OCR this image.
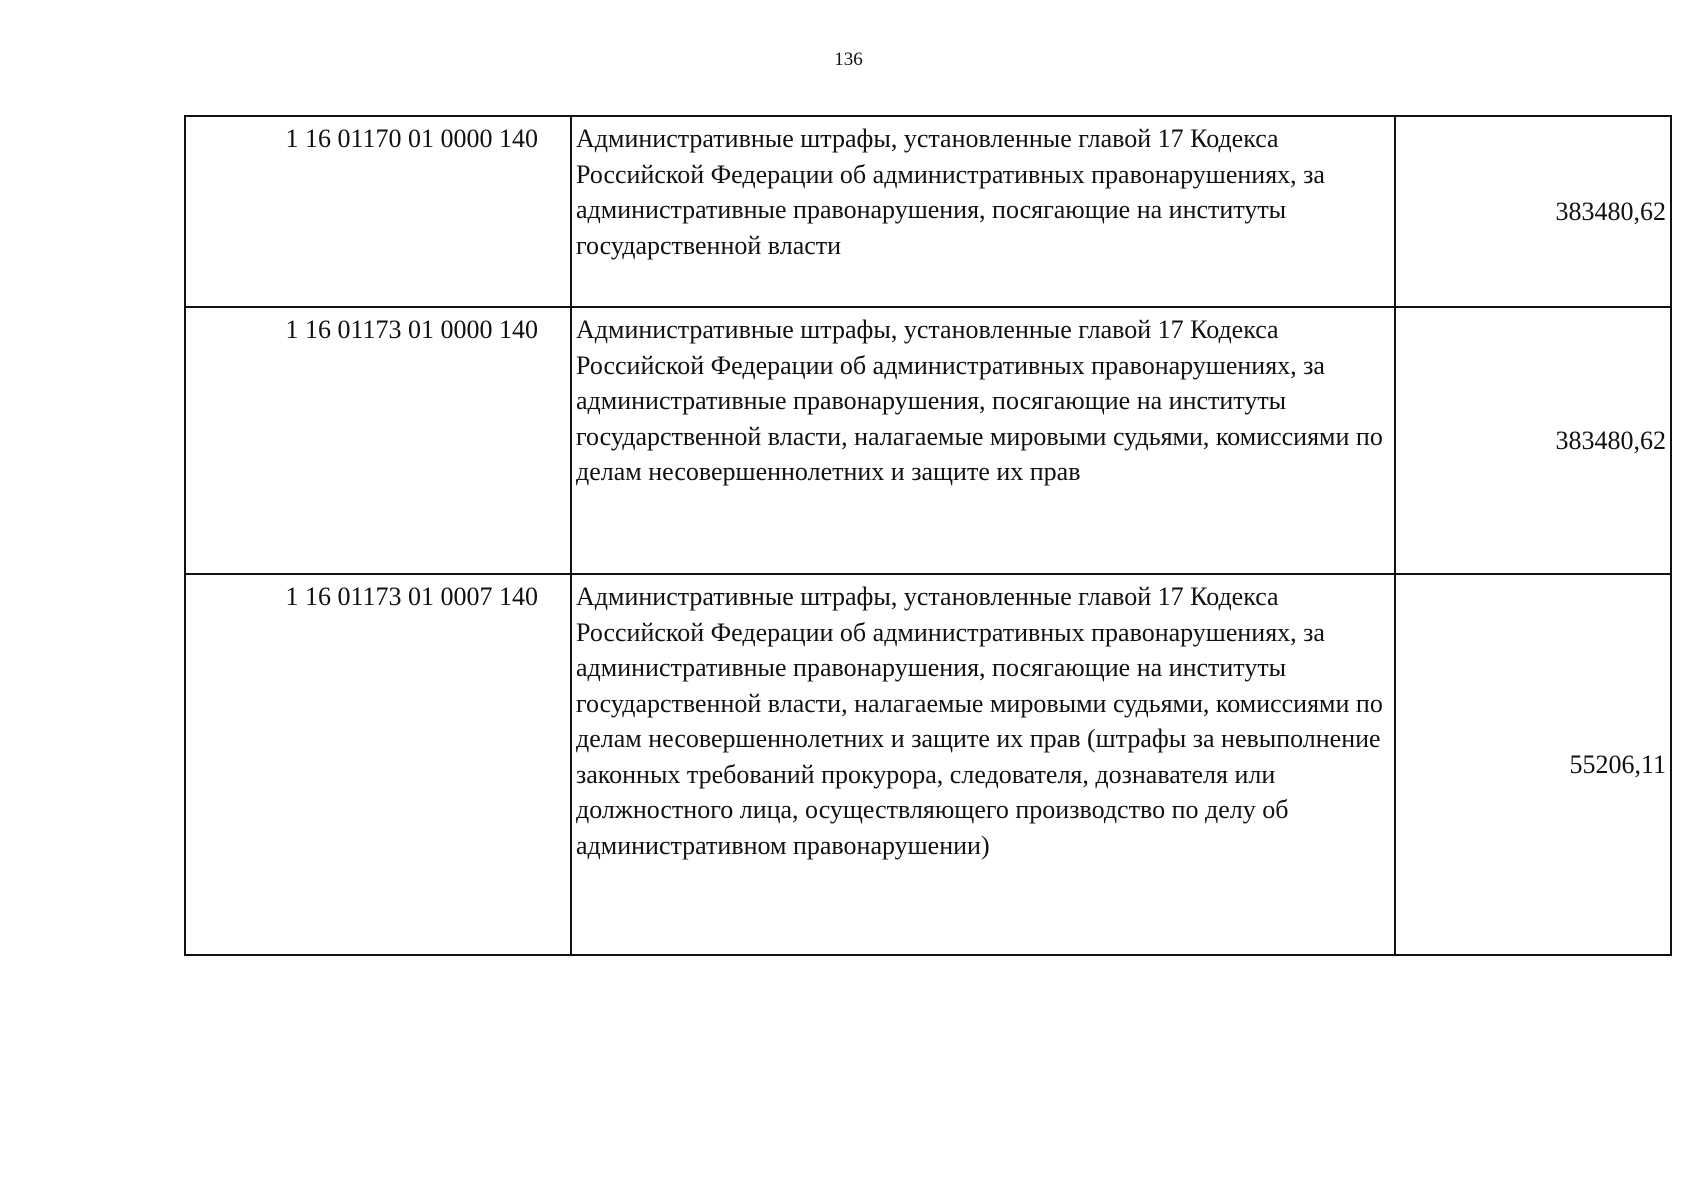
136
1 16 01170 01 0000 140	Административные штрафы, установленные главой 17 Кодекса Российской Федерации об административных правонарушениях, за административные правонарушения, посягающие на институты государственной власти	383480,62
1 16 01173 01 0000 140	Административные штрафы, установленные главой 17 Кодекса Российской Федерации об административных правонарушениях, за административные правонарушения, посягающие на институты государственной власти, налагаемые мировыми судьями, комиссиями по делам несовершеннолетних и защите их прав	383480,62
1 16 01173 01 0007 140	Административные штрафы, установленные главой 17 Кодекса Российской Федерации об административных правонарушениях, за административные правонарушения, посягающие на институты государственной власти, налагаемые мировыми судьями, комиссиями по делам несовершеннолетних и защите их прав (штрафы за невыполнение законных требований прокурора, следователя, дознавателя или должностного лица, осуществляющего производство по делу об административном правонарушении)	55206,11
